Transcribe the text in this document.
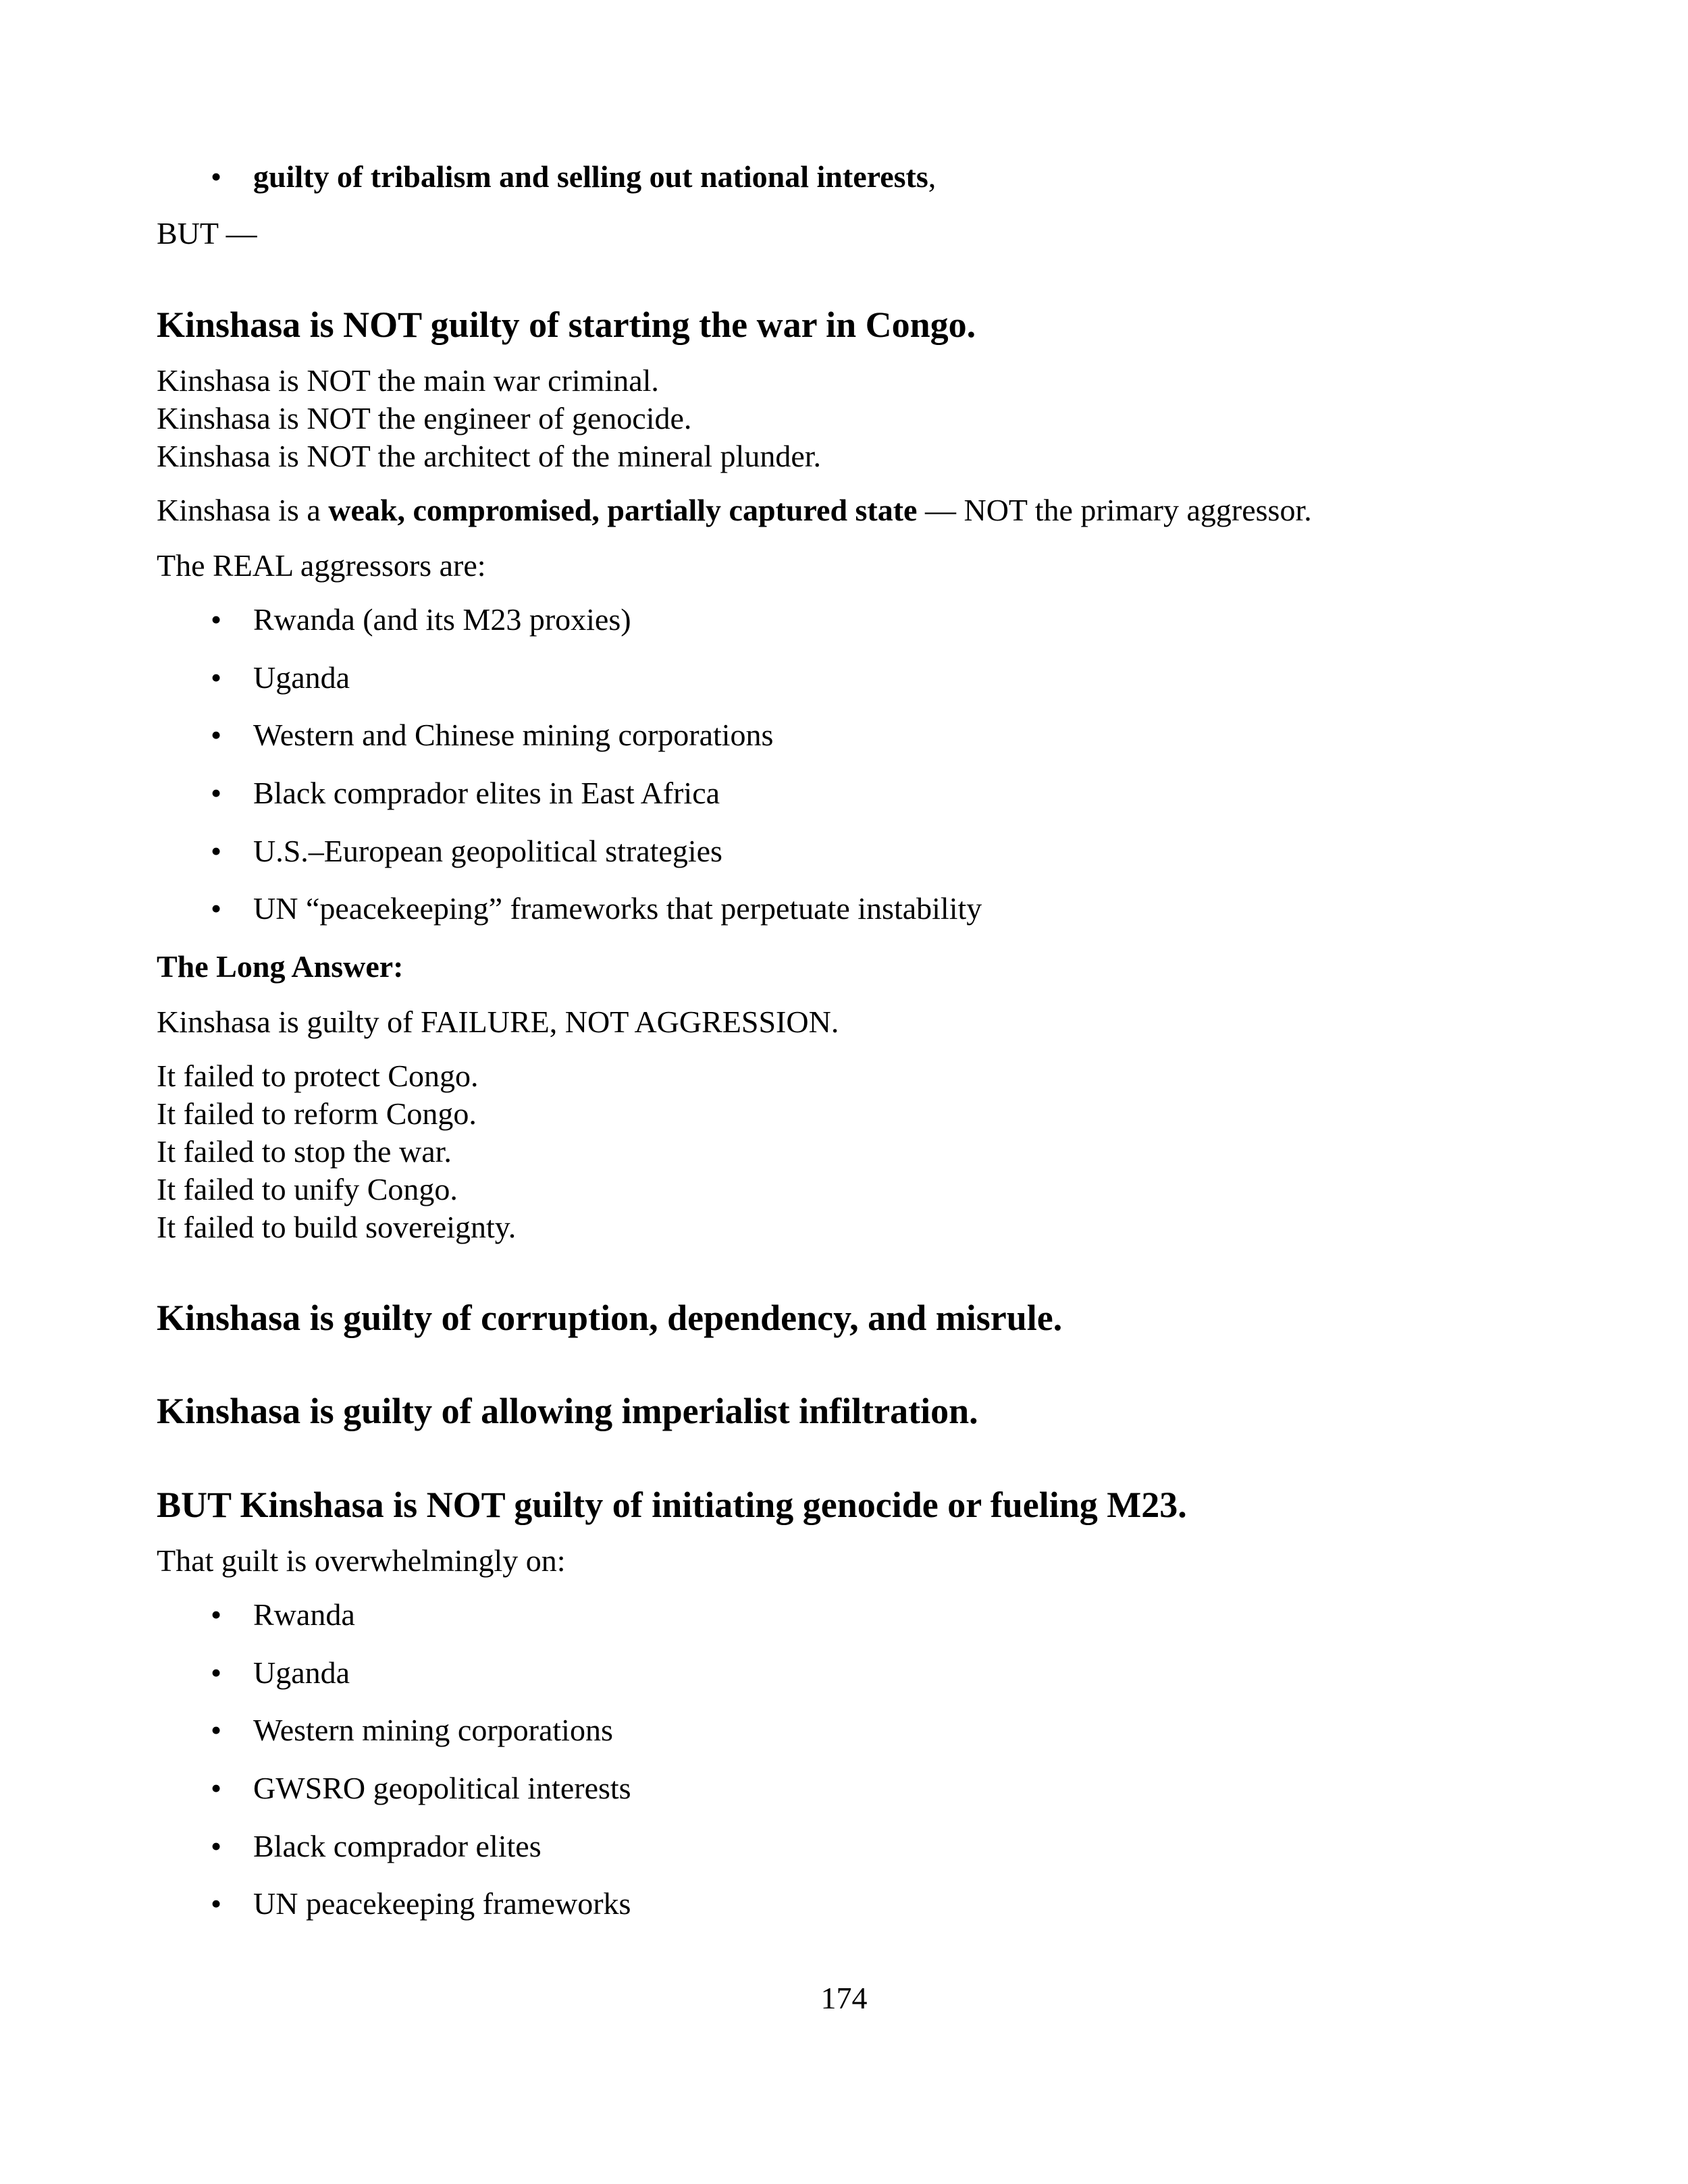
• guilty of tribalism and selling out national interests,
BUT —
Kinshasa is NOT guilty of starting the war in Congo.
Kinshasa is NOT the main war criminal.
Kinshasa is NOT the engineer of genocide.
Kinshasa is NOT the architect of the mineral plunder.
Kinshasa is a weak, compromised, partially captured state — NOT the primary aggressor.
The REAL aggressors are:
• Rwanda (and its M23 proxies)
• Uganda
• Western and Chinese mining corporations
• Black comprador elites in East Africa
• U.S.–European geopolitical strategies
• UN “peacekeeping” frameworks that perpetuate instability
The Long Answer:
Kinshasa is guilty of FAILURE, NOT AGGRESSION.
It failed to protect Congo.
It failed to reform Congo.
It failed to stop the war.
It failed to unify Congo.
It failed to build sovereignty.
Kinshasa is guilty of corruption, dependency, and misrule.
Kinshasa is guilty of allowing imperialist infiltration.
BUT Kinshasa is NOT guilty of initiating genocide or fueling M23.
That guilt is overwhelmingly on:
• Rwanda
• Uganda
• Western mining corporations
• GWSRO geopolitical interests
• Black comprador elites
• UN peacekeeping frameworks
174
